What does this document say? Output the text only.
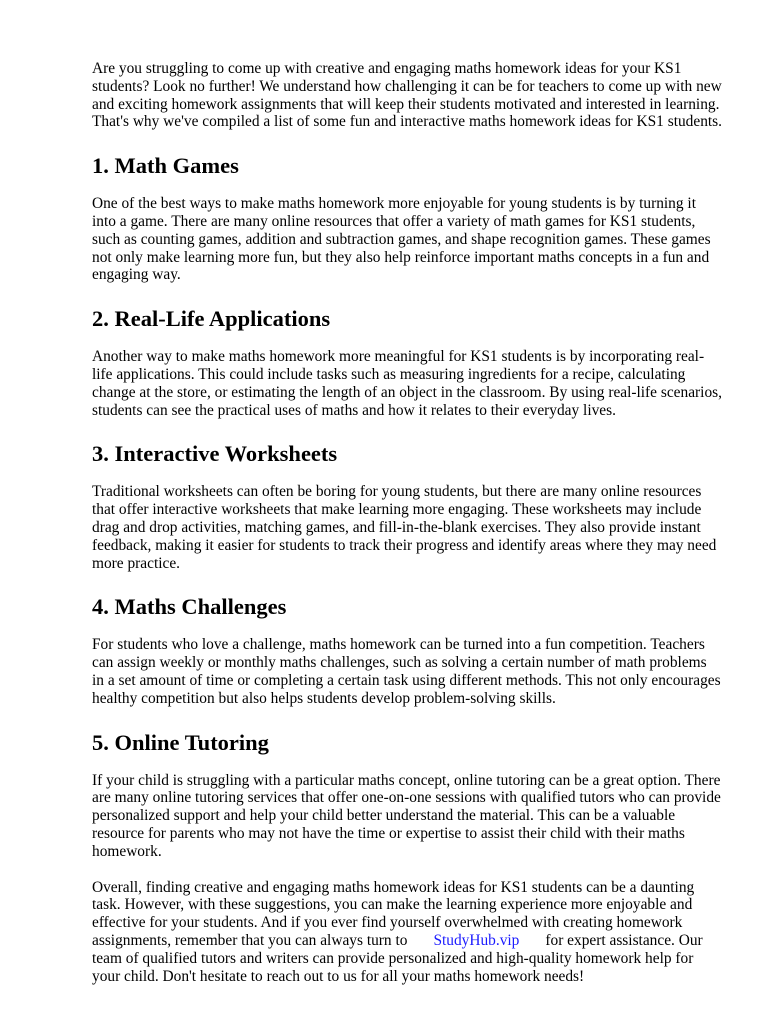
Are you struggling to come up with creative and engaging maths homework ideas for your KS1 students? Look no further! We understand how challenging it can be for teachers to come up with new and exciting homework assignments that will keep their students motivated and interested in learning. That's why we've compiled a list of some fun and interactive maths homework ideas for KS1 students.

1. Math Games

One of the best ways to make maths homework more enjoyable for young students is by turning it into a game. There are many online resources that offer a variety of math games for KS1 students, such as counting games, addition and subtraction games, and shape recognition games. These games not only make learning more fun, but they also help reinforce important maths concepts in a fun and engaging way.

2. Real-Life Applications

Another way to make maths homework more meaningful for KS1 students is by incorporating real-life applications. This could include tasks such as measuring ingredients for a recipe, calculating change at the store, or estimating the length of an object in the classroom. By using real-life scenarios, students can see the practical uses of maths and how it relates to their everyday lives.

3. Interactive Worksheets

Traditional worksheets can often be boring for young students, but there are many online resources that offer interactive worksheets that make learning more engaging. These worksheets may include drag and drop activities, matching games, and fill-in-the-blank exercises. They also provide instant feedback, making it easier for students to track their progress and identify areas where they may need more practice.

4. Maths Challenges

For students who love a challenge, maths homework can be turned into a fun competition. Teachers can assign weekly or monthly maths challenges, such as solving a certain number of math problems in a set amount of time or completing a certain task using different methods. This not only encourages healthy competition but also helps students develop problem-solving skills.

5. Online Tutoring

If your child is struggling with a particular maths concept, online tutoring can be a great option. There are many online tutoring services that offer one-on-one sessions with qualified tutors who can provide personalized support and help your child better understand the material. This can be a valuable resource for parents who may not have the time or expertise to assist their child with their maths homework.

Overall, finding creative and engaging maths homework ideas for KS1 students can be a daunting task. However, with these suggestions, you can make the learning experience more enjoyable and effective for your students. And if you ever find yourself overwhelmed with creating homework assignments, remember that you can always turn to StudyHub.vip for expert assistance. Our team of qualified tutors and writers can provide personalized and high-quality homework help for your child. Don't hesitate to reach out to us for all your maths homework needs!
